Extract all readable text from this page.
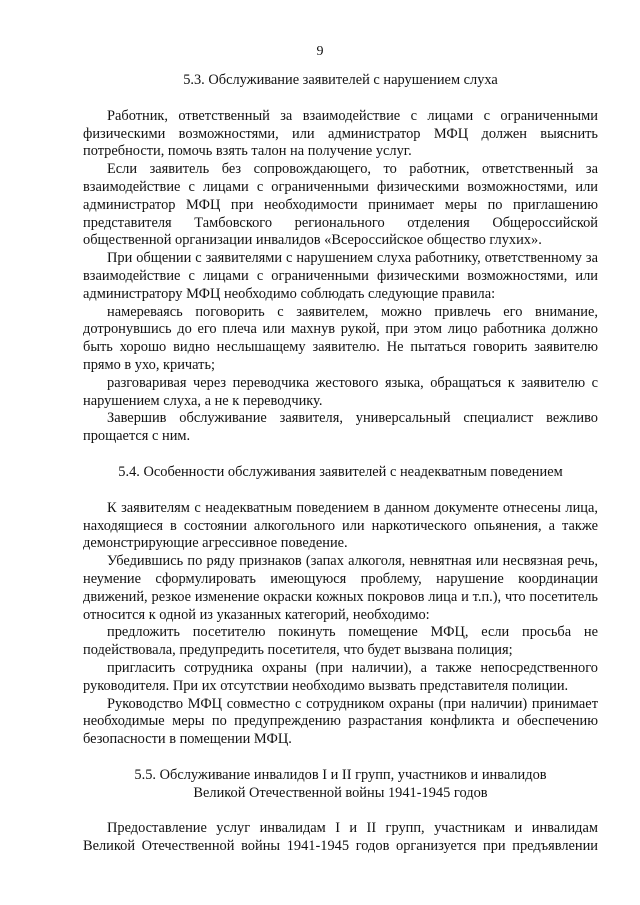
9
5.3. Обслуживание заявителей с нарушением слуха

Работник, ответственный за взаимодействие с лицами с ограниченными физическими возможностями, или администратор МФЦ должен выяснить потребности, помочь взять талон на получение услуг.

Если заявитель без сопровождающего, то работник, ответственный за взаимодействие с лицами с ограниченными физическими возможностями, или администратор МФЦ при необходимости принимает меры по приглашению представителя Тамбовского регионального отделения Общероссийской общественной организации инвалидов «Всероссийское общество глухих».

При общении с заявителями с нарушением слуха работнику, ответственному за взаимодействие с лицами с ограниченными физическими возможностями, или администратору МФЦ необходимо соблюдать следующие правила:

намереваясь поговорить с заявителем, можно привлечь его внимание, дотронувшись до его плеча или махнув рукой, при этом лицо работника должно быть хорошо видно неслышащему заявителю. Не пытаться говорить заявителю прямо в ухо, кричать;

разговаривая через переводчика жестового языка, обращаться к заявителю с нарушением слуха, а не к переводчику.

Завершив обслуживание заявителя, универсальный специалист вежливо прощается с ним.

5.4. Особенности обслуживания заявителей с неадекватным поведением

К заявителям с неадекватным поведением в данном документе отнесены лица, находящиеся в состоянии алкогольного или наркотического опьянения, а также демонстрирующие агрессивное поведение.

Убедившись по ряду признаков (запах алкоголя, невнятная или несвязная речь, неумение сформулировать имеющуюся проблему, нарушение координации движений, резкое изменение окраски кожных покровов лица и т.п.), что посетитель относится к одной из указанных категорий, необходимо:

предложить посетителю покинуть помещение МФЦ, если просьба не подействовала, предупредить посетителя, что будет вызвана полиция;

пригласить сотрудника охраны (при наличии), а также непосредственного руководителя. При их отсутствии необходимо вызвать представителя полиции.

Руководство МФЦ совместно с сотрудником охраны (при наличии) принимает необходимые меры по предупреждению разрастания конфликта и обеспечению безопасности в помещении МФЦ.

5.5. Обслуживание инвалидов I и II групп, участников и инвалидов
Великой Отечественной войны 1941-1945 годов

Предоставление услуг инвалидам I и II групп, участникам и инвалидам Великой Отечественной войны 1941-1945 годов организуется при предъявлении
